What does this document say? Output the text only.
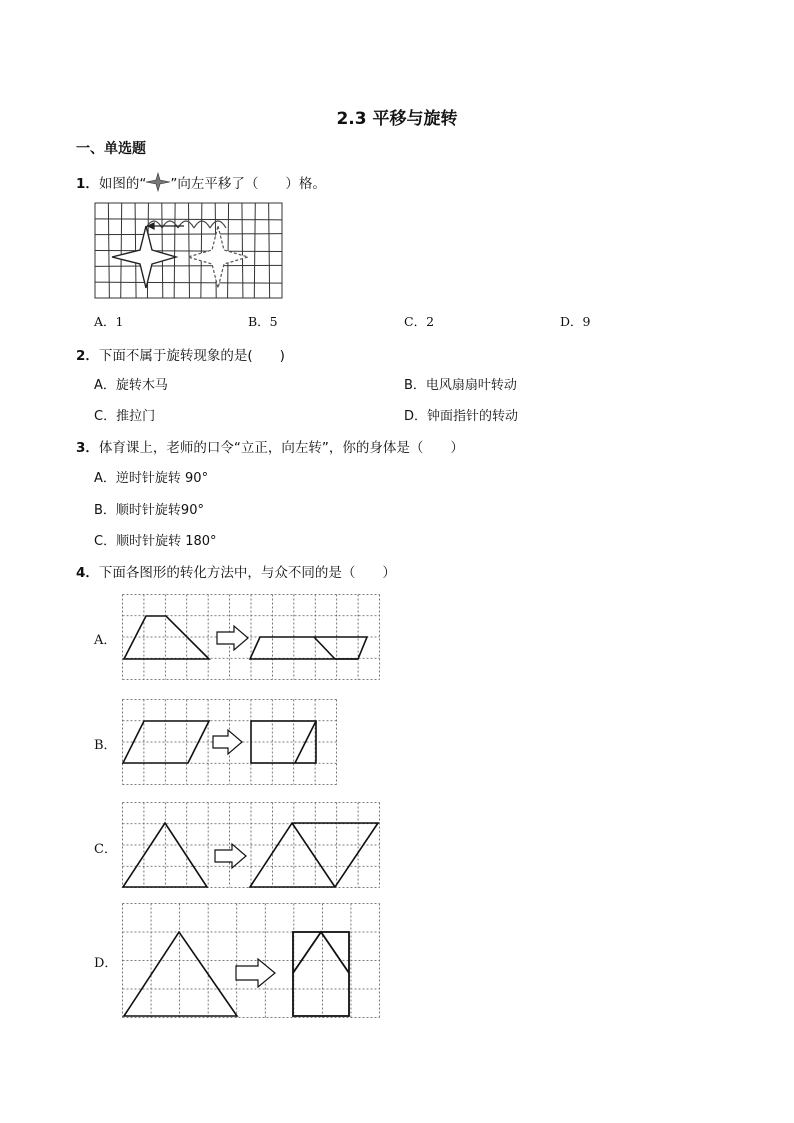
2.3 平移与旋转
一、单选题
1．如图的“ ”向左平移了（　　）格。
A．1	B．5	C．2	D．9
2．下面不属于旋转现象的是(　　)
A．旋转木马	B．电风扇扇叶转动
C．推拉门	D．钟面指针的转动
3．体育课上，老师的口令“立正，向左转”，你的身体是（　　）
A．逆时针旋转 90°
B．顺时针旋转90°
C．顺时针旋转 180°
4．下面各图形的转化方法中，与众不同的是（　　）
A．
B．
C．
D．
